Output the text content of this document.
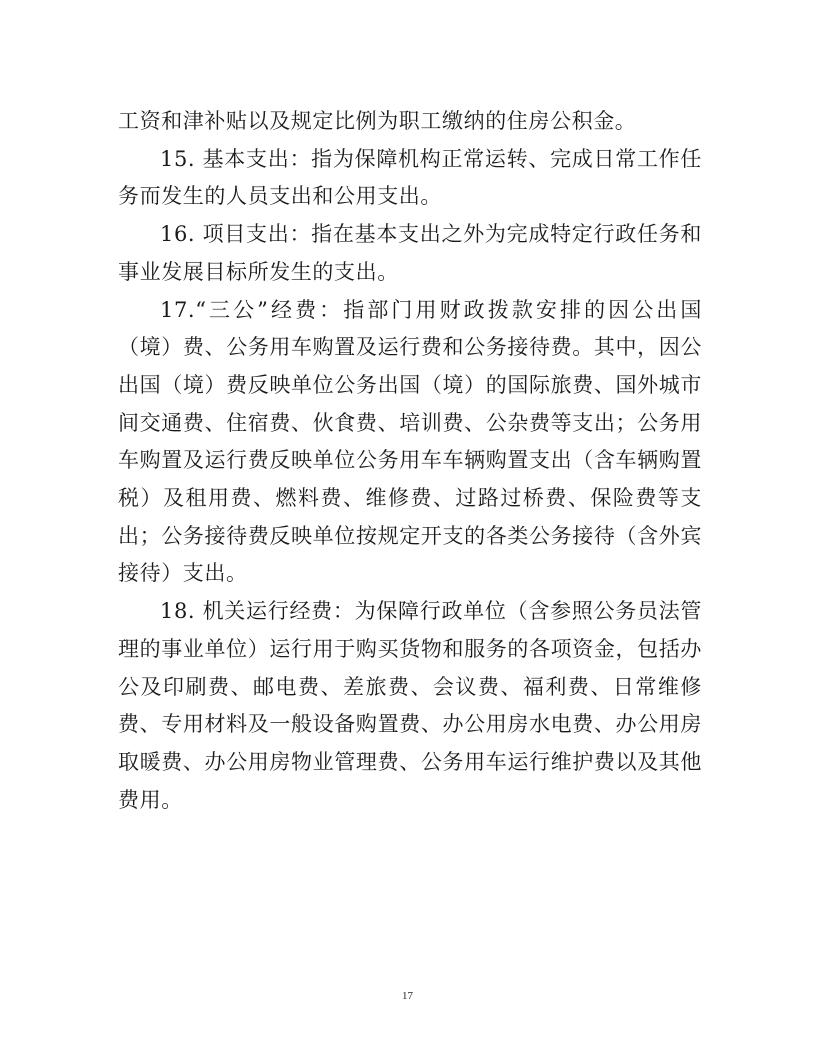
工资和津补贴以及规定比例为职工缴纳的住房公积金。

15. 基本支出：指为保障机构正常运转、完成日常工作任务而发生的人员支出和公用支出。

16. 项目支出：指在基本支出之外为完成特定行政任务和事业发展目标所发生的支出。

17.“三公”经费：指部门用财政拨款安排的因公出国（境）费、公务用车购置及运行费和公务接待费。其中，因公出国（境）费反映单位公务出国（境）的国际旅费、国外城市间交通费、住宿费、伙食费、培训费、公杂费等支出；公务用车购置及运行费反映单位公务用车车辆购置支出（含车辆购置税）及租用费、燃料费、维修费、过路过桥费、保险费等支出；公务接待费反映单位按规定开支的各类公务接待（含外宾接待）支出。

18. 机关运行经费：为保障行政单位（含参照公务员法管理的事业单位）运行用于购买货物和服务的各项资金，包括办公及印刷费、邮电费、差旅费、会议费、福利费、日常维修费、专用材料及一般设备购置费、办公用房水电费、办公用房取暖费、办公用房物业管理费、公务用车运行维护费以及其他费用。

17
